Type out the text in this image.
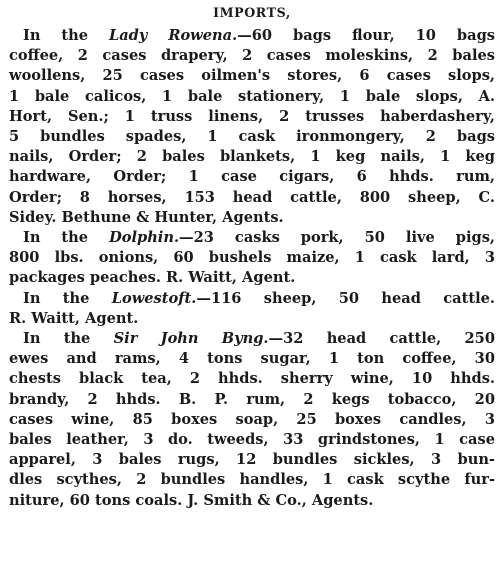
IMPORTS,
In the Lady Rowena.—60 bags flour, 10 bags
coffee, 2 cases drapery, 2 cases moleskins, 2 bales
woollens, 25 cases oilmen's stores, 6 cases slops,
1 bale calicos, 1 bale stationery, 1 bale slops, A.
Hort, Sen.; 1 truss linens, 2 trusses haberdashery,
5 bundles spades, 1 cask ironmongery, 2 bags
nails, Order; 2 bales blankets, 1 keg nails, 1 keg
hardware, Order; 1 case cigars, 6 hhds. rum,
Order; 8 horses, 153 head cattle, 800 sheep, C.
Sidey. Bethune & Hunter, Agents.
In the Dolphin.—23 casks pork, 50 live pigs,
800 lbs. onions, 60 bushels maize, 1 cask lard, 3
packages peaches. R. Waitt, Agent.
In the Lowestoft.—116 sheep, 50 head cattle.
R. Waitt, Agent.
In the Sir John Byng.—32 head cattle, 250
ewes and rams, 4 tons sugar, 1 ton coffee, 30
chests black tea, 2 hhds. sherry wine, 10 hhds.
brandy, 2 hhds. B. P. rum, 2 kegs tobacco, 20
cases wine, 85 boxes soap, 25 boxes candles, 3
bales leather, 3 do. tweeds, 33 grindstones, 1 case
apparel, 3 bales rugs, 12 bundles sickles, 3 bun-
dles scythes, 2 bundles handles, 1 cask scythe fur-
niture, 60 tons coals. J. Smith & Co., Agents.
